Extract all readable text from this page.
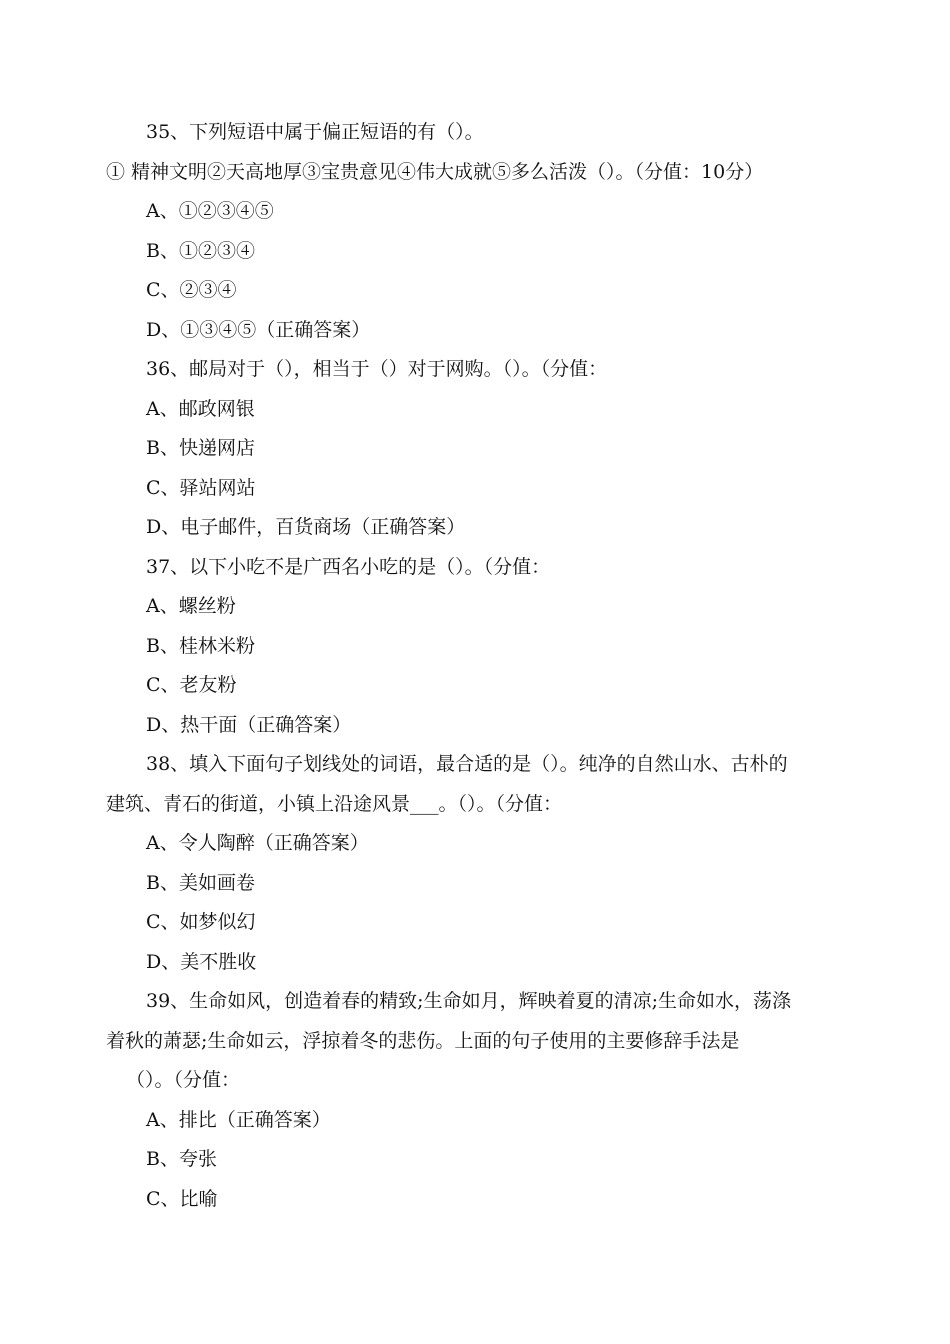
35、下列短语中属于偏正短语的有（）。
① 精神文明②天高地厚③宝贵意见④伟大成就⑤多么活泼（）。（分值：10分）
A、①②③④⑤
B、①②③④
C、②③④
D、①③④⑤（正确答案）
36、邮局对于（），相当于（）对于网购。（）。（分值：
A、邮政网银
B、快递网店
C、驿站网站
D、电子邮件，百货商场（正确答案）
37、以下小吃不是广西名小吃的是（）。（分值：
A、螺丝粉
B、桂林米粉
C、老友粉
D、热干面（正确答案）
38、填入下面句子划线处的词语，最合适的是（）。纯净的自然山水、古朴的
建筑、青石的街道，小镇上沿途风景___。（）。（分值：
A、令人陶醉（正确答案）
B、美如画卷
C、如梦似幻
D、美不胜收
39、生命如风，创造着春的精致;生命如月，辉映着夏的清凉;生命如水，荡涤
着秋的萧瑟;生命如云，浮掠着冬的悲伤。上面的句子使用的主要修辞手法是
（）。（分值：
A、排比（正确答案）
B、夸张
C、比喻
